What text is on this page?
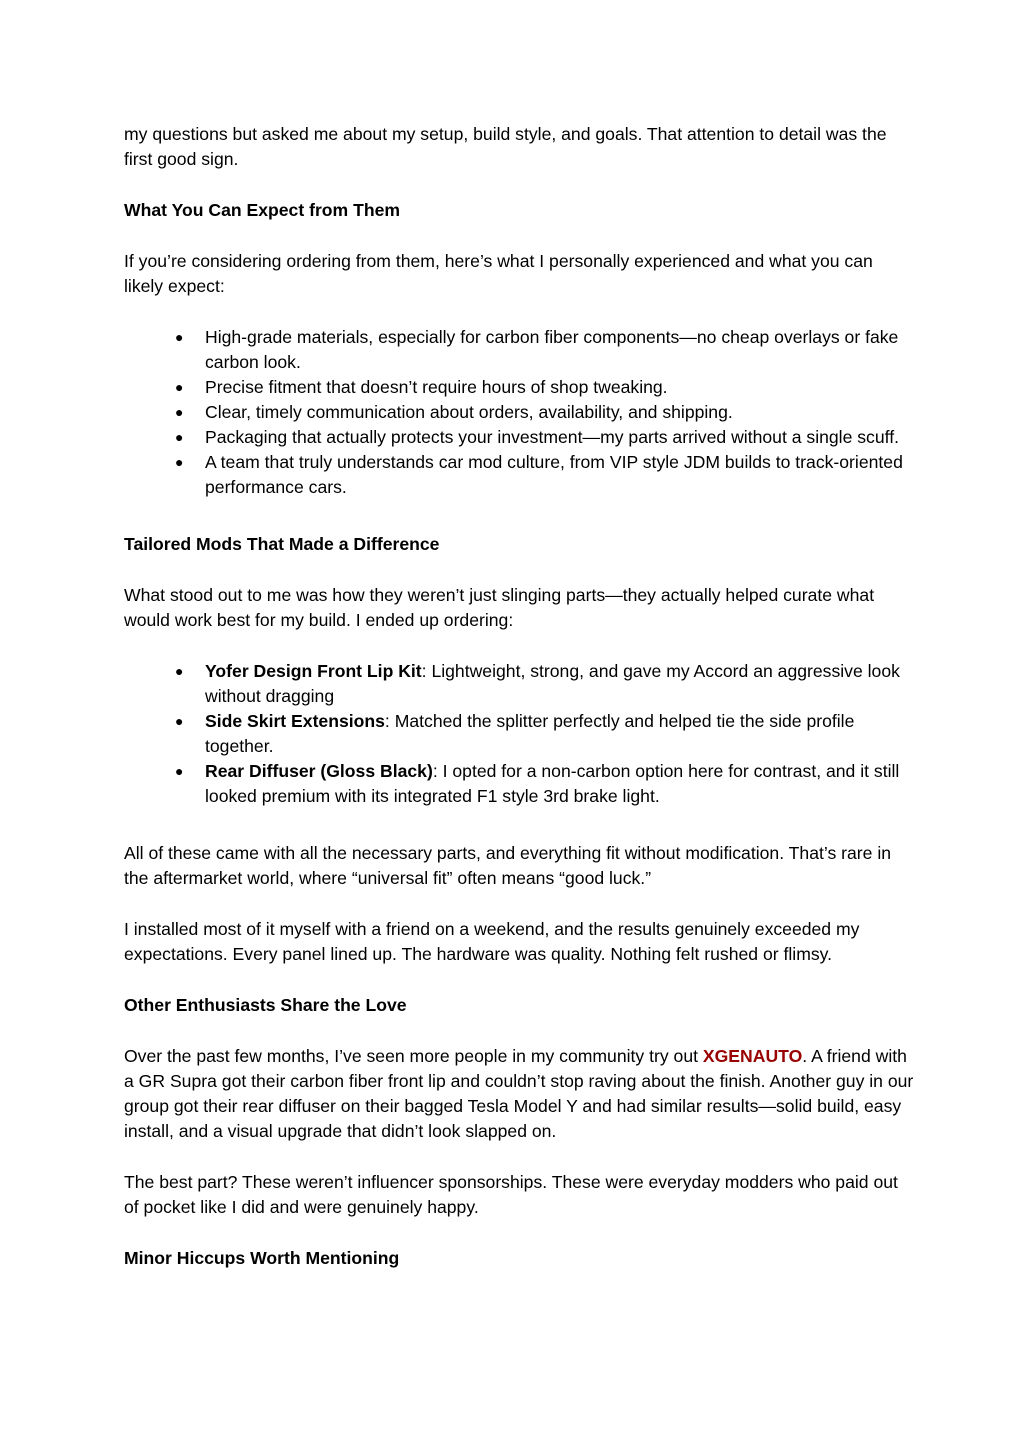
my questions but asked me about my setup, build style, and goals. That attention to detail was the first good sign.

What You Can Expect from Them

If you’re considering ordering from them, here’s what I personally experienced and what you can likely expect:

● High-grade materials, especially for carbon fiber components—no cheap overlays or fake carbon look.
● Precise fitment that doesn’t require hours of shop tweaking.
● Clear, timely communication about orders, availability, and shipping.
● Packaging that actually protects your investment—my parts arrived without a single scuff.
● A team that truly understands car mod culture, from VIP style JDM builds to track-oriented performance cars.
Tailored Mods That Made a Difference

What stood out to me was how they weren’t just slinging parts—they actually helped curate what would work best for my build. I ended up ordering:

● Yofer Design Front Lip Kit: Lightweight, strong, and gave my Accord an aggressive look without dragging
● Side Skirt Extensions: Matched the splitter perfectly and helped tie the side profile together.
● Rear Diffuser (Gloss Black): I opted for a non-carbon option here for contrast, and it still looked premium with its integrated F1 style 3rd brake light.

All of these came with all the necessary parts, and everything fit without modification. That’s rare in the aftermarket world, where “universal fit” often means “good luck.”

I installed most of it myself with a friend on a weekend, and the results genuinely exceeded my expectations. Every panel lined up. The hardware was quality. Nothing felt rushed or flimsy.

Other Enthusiasts Share the Love

Over the past few months, I’ve seen more people in my community try out XGENAUTO. A friend with a GR Supra got their carbon fiber front lip and couldn’t stop raving about the finish. Another guy in our group got their rear diffuser on their bagged Tesla Model Y and had similar results—solid build, easy install, and a visual upgrade that didn’t look slapped on.

The best part? These weren’t influencer sponsorships. These were everyday modders who paid out of pocket like I did and were genuinely happy.

Minor Hiccups Worth Mentioning
